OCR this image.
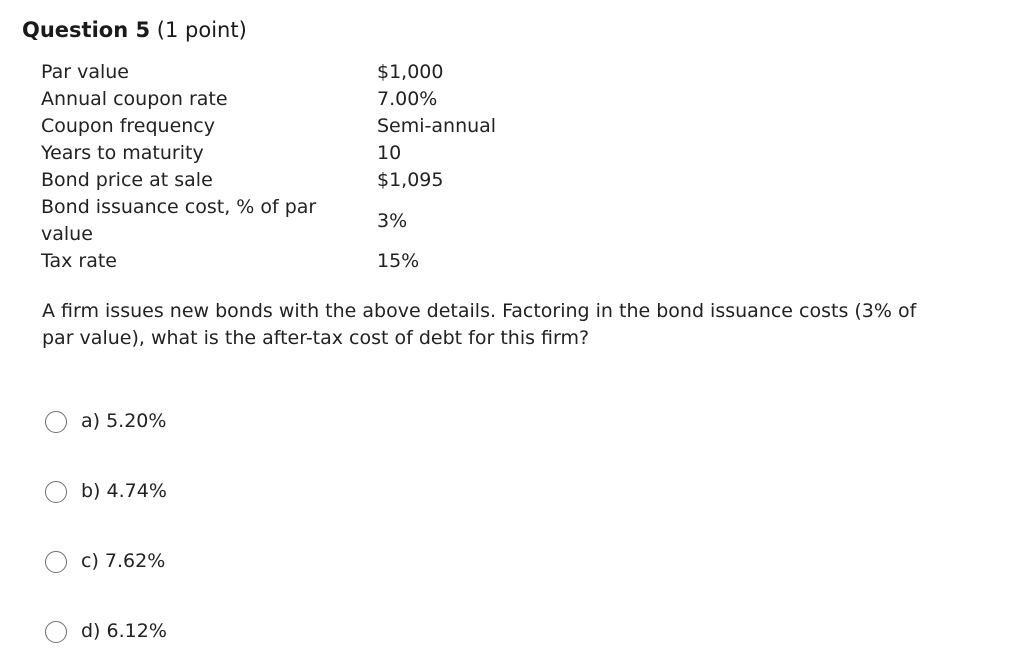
Question 5 (1 point)
Par value	$1,000
Annual coupon rate	7.00%
Coupon frequency	Semi-annual
Years to maturity	10
Bond price at sale	$1,095

Bond issuance cost, % of par value	3%
Tax rate	15%
A firm issues new bonds with the above details. Factoring in the bond issuance costs (3% of par value), what is the after-tax cost of debt for this firm?
a) 5.20%
b) 4.74%
c) 7.62%
d) 6.12%
